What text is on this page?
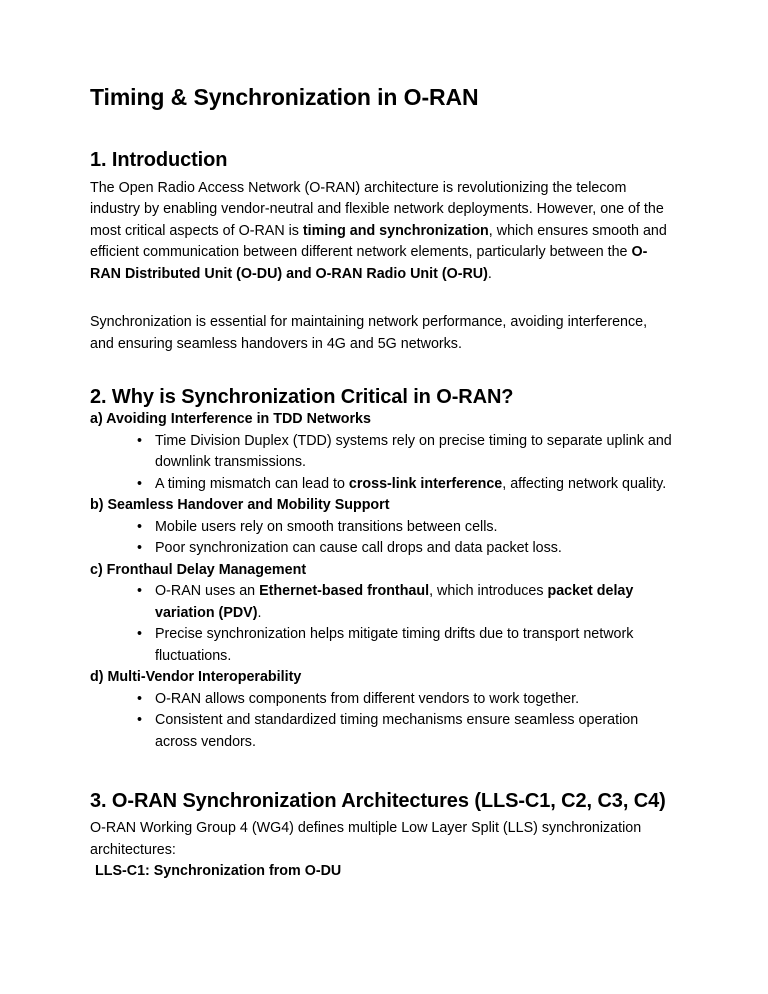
Timing & Synchronization in O-RAN
1. Introduction

The Open Radio Access Network (O-RAN) architecture is revolutionizing the telecom industry by enabling vendor-neutral and flexible network deployments. However, one of the most critical aspects of O-RAN is timing and synchronization, which ensures smooth and efficient communication between different network elements, particularly between the O-RAN Distributed Unit (O-DU) and O-RAN Radio Unit (O-RU).

Synchronization is essential for maintaining network performance, avoiding interference, and ensuring seamless handovers in 4G and 5G networks.

2. Why is Synchronization Critical in O-RAN?
a) Avoiding Interference in TDD Networks
• Time Division Duplex (TDD) systems rely on precise timing to separate uplink and downlink transmissions.
• A timing mismatch can lead to cross-link interference, affecting network quality.
b) Seamless Handover and Mobility Support
• Mobile users rely on smooth transitions between cells.
• Poor synchronization can cause call drops and data packet loss.
c) Fronthaul Delay Management
• O-RAN uses an Ethernet-based fronthaul, which introduces packet delay variation (PDV).
• Precise synchronization helps mitigate timing drifts due to transport network fluctuations.
d) Multi-Vendor Interoperability
• O-RAN allows components from different vendors to work together.
• Consistent and standardized timing mechanisms ensure seamless operation across vendors.
3. O-RAN Synchronization Architectures (LLS-C1, C2, C3, C4)

O-RAN Working Group 4 (WG4) defines multiple Low Layer Split (LLS) synchronization architectures:

LLS-C1: Synchronization from O-DU
